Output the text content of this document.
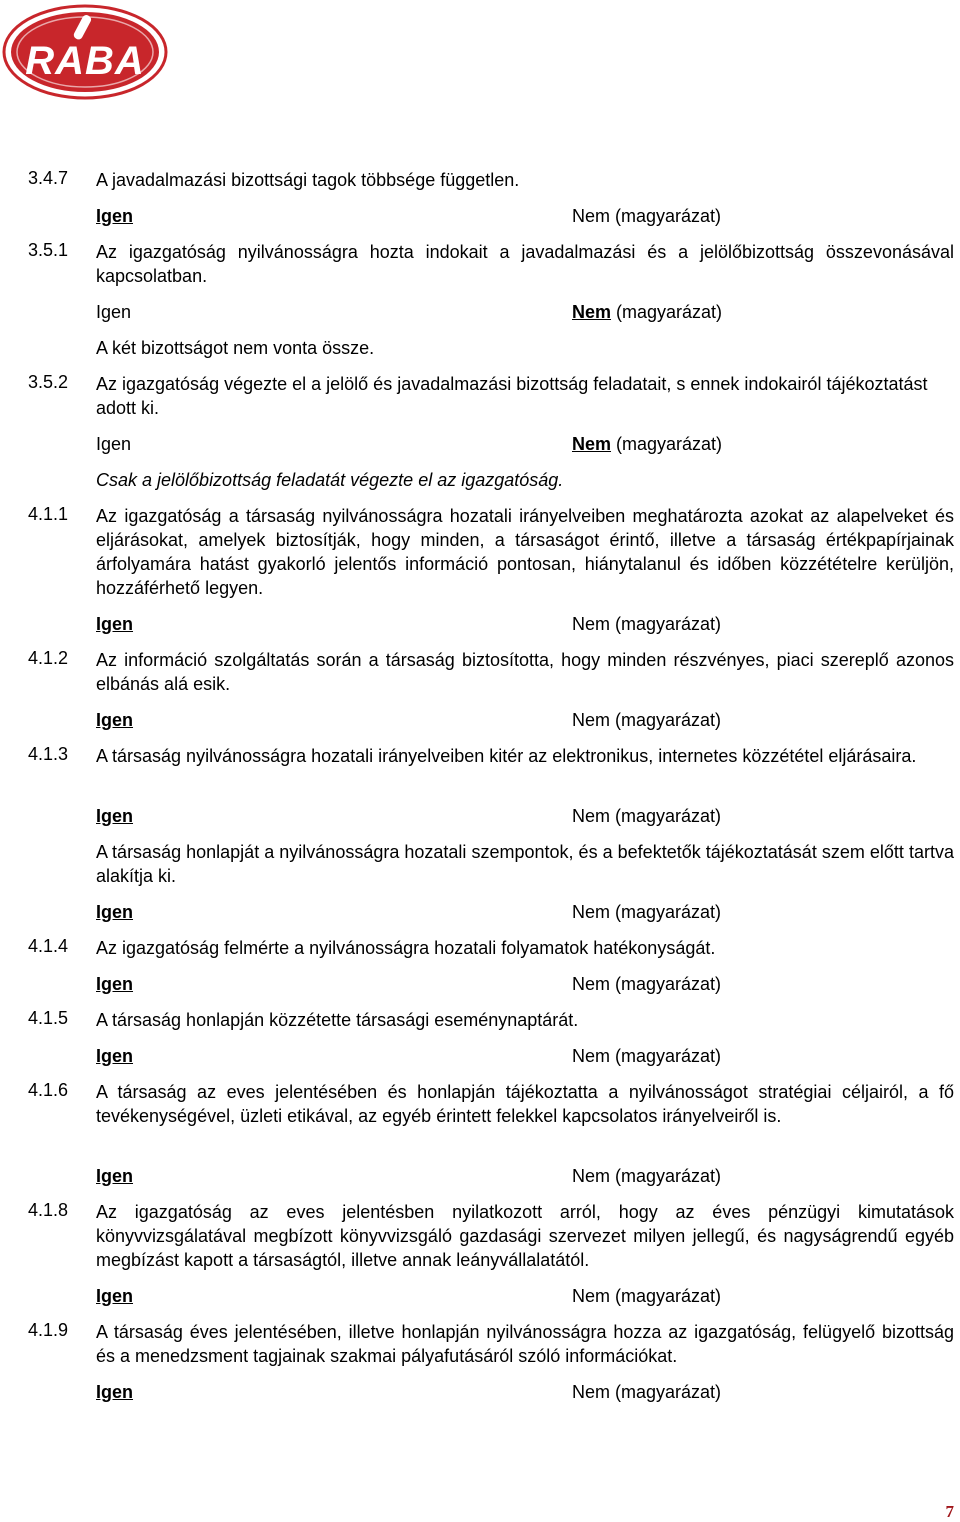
RABA
3.4.7 A javadalmazási bizottsági tagok többsége független.
Igen	Nem (magyarázat)
3.5.1 Az igazgatóság nyilvánosságra hozta indokait a javadalmazási és a jelölőbizottság összevonásával kapcsolatban.
Igen	Nem (magyarázat)
A két bizottságot nem vonta össze.
3.5.2 Az igazgatóság végezte el a jelölő és javadalmazási bizottság feladatait, s ennek indokairól tájékoztatást adott ki.
Igen	Nem (magyarázat)
Csak a jelölőbizottság feladatát végezte el az igazgatóság.
4.1.1 Az igazgatóság a társaság nyilvánosságra hozatali irányelveiben meghatározta azokat az alapelveket és eljárásokat, amelyek biztosítják, hogy minden, a társaságot érintő, illetve a társaság értékpapírjainak árfolyamára hatást gyakorló jelentős információ pontosan, hiánytalanul és időben közzétételre kerüljön, hozzáférhető legyen.
Igen	Nem (magyarázat)
4.1.2 Az információ szolgáltatás során a társaság biztosította, hogy minden részvényes, piaci szereplő azonos elbánás alá esik.
Igen	Nem (magyarázat)
4.1.3 A társaság nyilvánosságra hozatali irányelveiben kitér az elektronikus, internetes közzététel eljárásaira.
Igen	Nem (magyarázat)
A társaság honlapját a nyilvánosságra hozatali szempontok, és a befektetők tájékoztatását szem előtt tartva alakítja ki.
Igen	Nem (magyarázat)
4.1.4 Az igazgatóság felmérte a nyilvánosságra hozatali folyamatok hatékonyságát.
Igen	Nem (magyarázat)
4.1.5 A társaság honlapján közzétette társasági eseménynaptárát.
Igen	Nem (magyarázat)
4.1.6 A társaság az eves jelentésében és honlapján tájékoztatta a nyilvánosságot stratégiai céljairól, a fő tevékenységével, üzleti etikával, az egyéb érintett felekkel kapcsolatos irányelveiről is.
Igen	Nem (magyarázat)
4.1.8 Az igazgatóság az eves jelentésben nyilatkozott arról, hogy az éves pénzügyi kimutatások könyvvizsgálatával megbízott könyvvizsgáló gazdasági szervezet milyen jellegű, és nagyságrendű egyéb megbízást kapott a társaságtól, illetve annak leányvállalatától.
Igen	Nem (magyarázat)
4.1.9 A társaság éves jelentésében, illetve honlapján nyilvánosságra hozza az igazgatóság, felügyelő bizottság és a menedzsment tagjainak szakmai pályafutásáról szóló információkat.
Igen	Nem (magyarázat)
7
